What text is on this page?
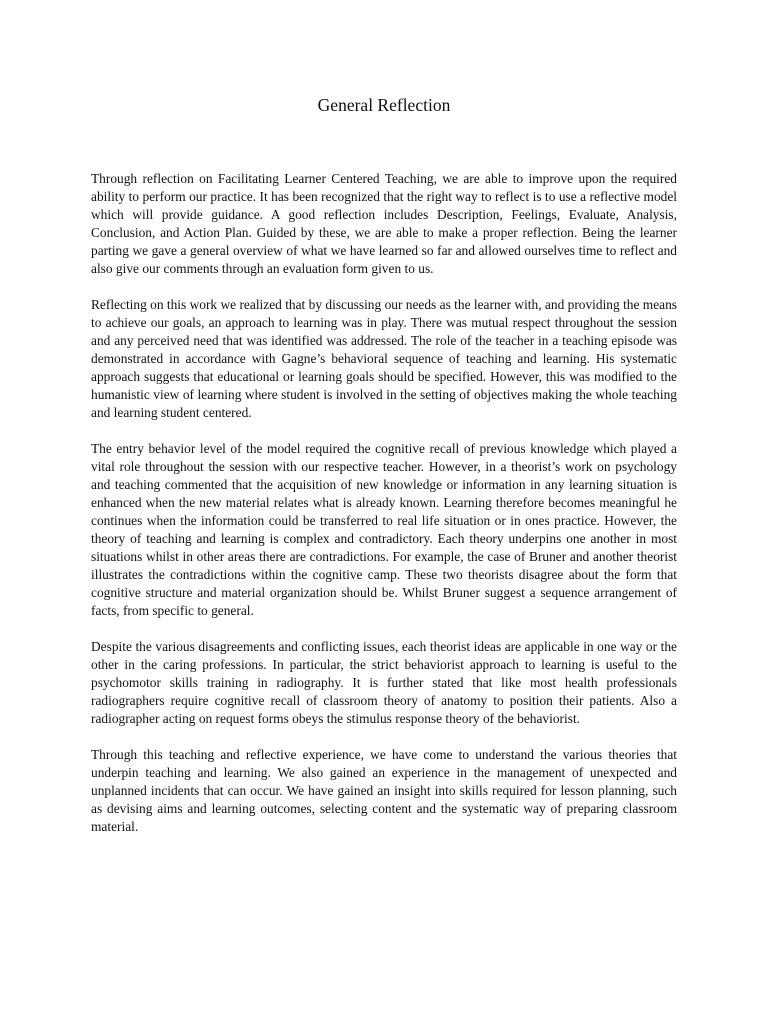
General Reflection

Through reflection on Facilitating Learner Centered Teaching, we are able to improve upon the required ability to perform our practice. It has been recognized that the right way to reflect is to use a reflective model which will provide guidance. A good reflection includes Description, Feelings, Evaluate, Analysis, Conclusion, and Action Plan. Guided by these, we are able to make a proper reflection. Being the learner parting we gave a general overview of what we have learned so far and allowed ourselves time to reflect and also give our comments through an evaluation form given to us.

Reflecting on this work we realized that by discussing our needs as the learner with, and providing the means to achieve our goals, an approach to learning was in play. There was mutual respect throughout the session and any perceived need that was identified was addressed. The role of the teacher in a teaching episode was demonstrated in accordance with Gagne’s behavioral sequence of teaching and learning. His systematic approach suggests that educational or learning goals should be specified. However, this was modified to the humanistic view of learning where student is involved in the setting of objectives making the whole teaching and learning student centered.

The entry behavior level of the model required the cognitive recall of previous knowledge which played a vital role throughout the session with our respective teacher. However, in a theorist’s work on psychology and teaching commented that the acquisition of new knowledge or information in any learning situation is enhanced when the new material relates what is already known. Learning therefore becomes meaningful he continues when the information could be transferred to real life situation or in ones practice. However, the theory of teaching and learning is complex and contradictory. Each theory underpins one another in most situations whilst in other areas there are contradictions. For example, the case of Bruner and another theorist illustrates the contradictions within the cognitive camp. These two theorists disagree about the form that cognitive structure and material organization should be. Whilst Bruner suggest a sequence arrangement of facts, from specific to general.

Despite the various disagreements and conflicting issues, each theorist ideas are applicable in one way or the other in the caring professions. In particular, the strict behaviorist approach to learning is useful to the psychomotor skills training in radiography. It is further stated that like most health professionals radiographers require cognitive recall of classroom theory of anatomy to position their patients. Also a radiographer acting on request forms obeys the stimulus response theory of the behaviorist.

Through this teaching and reflective experience, we have come to understand the various theories that underpin teaching and learning. We also gained an experience in the management of unexpected and unplanned incidents that can occur. We have gained an insight into skills required for lesson planning, such as devising aims and learning outcomes, selecting content and the systematic way of preparing classroom material.
